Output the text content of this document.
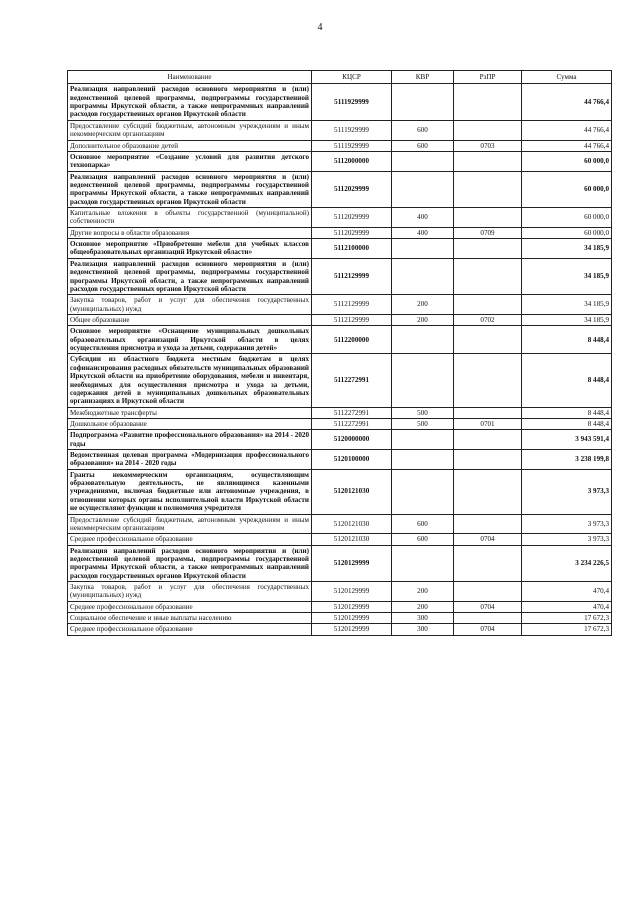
4
Наименование	КЦСР	КВР	РзПР	Сумма
Реализация направлений расходов основного мероприятия и (или) ведомственной целевой программы, подпрограммы государственной программы Иркутской области, а также непрограммных направлений расходов государственных органов Иркутской области	5111929999			44 766,4
Предоставление субсидий бюджетным, автономным учреждениям и иным некоммерческим организациям	5111929999	600		44 766,4
Дополнительное образование детей	5111929999	600	0703	44 766,4
Основное мероприятие «Создание условий для развития детского технопарка»	5112000000			60 000,0
Реализация направлений расходов основного мероприятия и (или) ведомственной целевой программы, подпрограммы государственной программы Иркутской области, а также непрограммных направлений расходов государственных органов Иркутской области	5112029999			60 000,0
Капитальные вложения в объекты государственной (муниципальной) собственности	5112029999	400		60 000,0
Другие вопросы в области образования	5112029999	400	0709	60 000,0
Основное мероприятие «Приобретение мебели для учебных классов общеобразовательных организаций Иркутской области»	5112100000			34 185,9
Реализация направлений расходов основного мероприятия и (или) ведомственной целевой программы, подпрограммы государственной программы Иркутской области, а также непрограммных направлений расходов государственных органов Иркутской области	5112129999			34 185,9
Закупка товаров, работ и услуг для обеспечения государственных (муниципальных) нужд	5112129999	200		34 185,9
Общее образование	5112129999	200	0702	34 185,9
Основное мероприятие «Оснащение муниципальных дошкольных образовательных организаций Иркутской области в целях осуществления присмотра и ухода за детьми, содержания детей»	5112200000			8 448,4
Субсидии из областного бюджета местным бюджетам в целях софинансирования расходных обязательств муниципальных образований Иркутской области на приобретение оборудования, мебели и инвентаря, необходимых для осуществления присмотра и ухода за детьми, содержания детей в муниципальных дошкольных образовательных организациях в Иркутской области	5112272991			8 448,4
Межбюджетные трансферты	5112272991	500		8 448,4
Дошкольное образование	5112272991	500	0701	8 448,4
Подпрограмма «Развитие профессионального образования» на 2014 - 2020 годы	5120000000			3 943 591,4
Ведомственная целевая программа «Модернизация профессионального образования» на 2014 - 2020 годы	5120100000			3 238 199,8
Гранты некоммерческим организациям, осуществляющим образовательную деятельность, не являющимся казенными учреждениями, включая бюджетные или автономные учреждения, в отношении которых органы исполнительной власти Иркутской области не осуществляют функции и полномочия учредителя	5120121030			3 973,3
Предоставление субсидий бюджетным, автономным учреждениям и иным некоммерческим организациям	5120121030	600		3 973,3
Среднее профессиональное образование	5120121030	600	0704	3 973,3
Реализация направлений расходов основного мероприятия и (или) ведомственной целевой программы, подпрограммы государственной программы Иркутской области, а также непрограммных направлений расходов государственных органов Иркутской области	5120129999			3 234 226,5
Закупка товаров, работ и услуг для обеспечения государственных (муниципальных) нужд	5120129999	200		470,4
Среднее профессиональное образование	5120129999	200	0704	470,4
Социальное обеспечение и иные выплаты населению	5120129999	300		17 672,3
Среднее профессиональное образование	5120129999	300	0704	17 672,3
